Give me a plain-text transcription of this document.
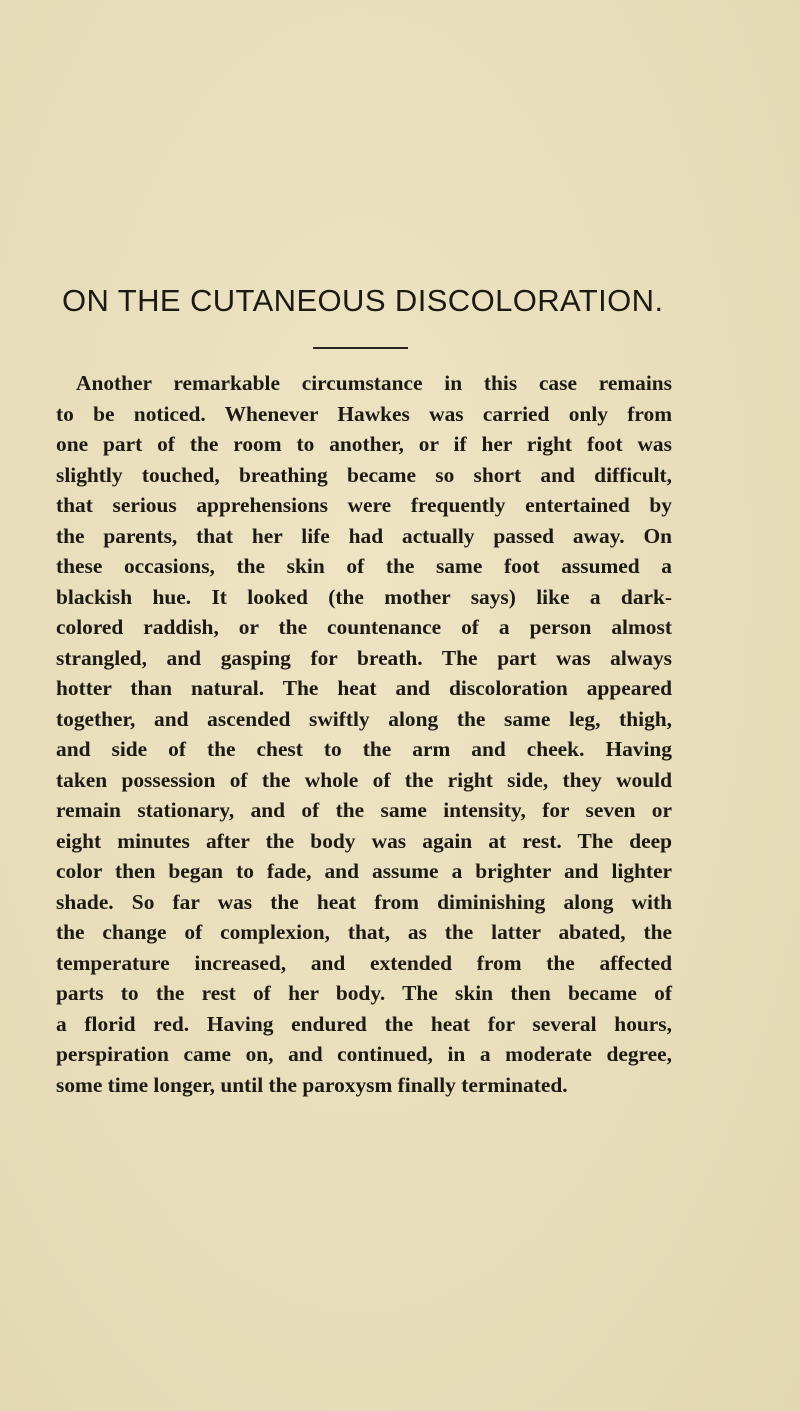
ON THE CUTANEOUS DISCOLORATION.
Another remarkable circumstance in this case remains
to be noticed. Whenever Hawkes was carried only from
one part of the room to another, or if her right foot was
slightly touched, breathing became so short and difficult,
that serious apprehensions were frequently entertained by
the parents, that her life had actually passed away. On
these occasions, the skin of the same foot assumed a
blackish hue. It looked (the mother says) like a dark-
colored raddish, or the countenance of a person almost
strangled, and gasping for breath. The part was always
hotter than natural. The heat and discoloration appeared
together, and ascended swiftly along the same leg, thigh,
and side of the chest to the arm and cheek. Having
taken possession of the whole of the right side, they would
remain stationary, and of the same intensity, for seven or
eight minutes after the body was again at rest. The deep
color then began to fade, and assume a brighter and lighter
shade. So far was the heat from diminishing along with
the change of complexion, that, as the latter abated, the
temperature increased, and extended from the affected
parts to the rest of her body. The skin then became of
a florid red. Having endured the heat for several hours,
perspiration came on, and continued, in a moderate degree,
some time longer, until the paroxysm finally terminated.
